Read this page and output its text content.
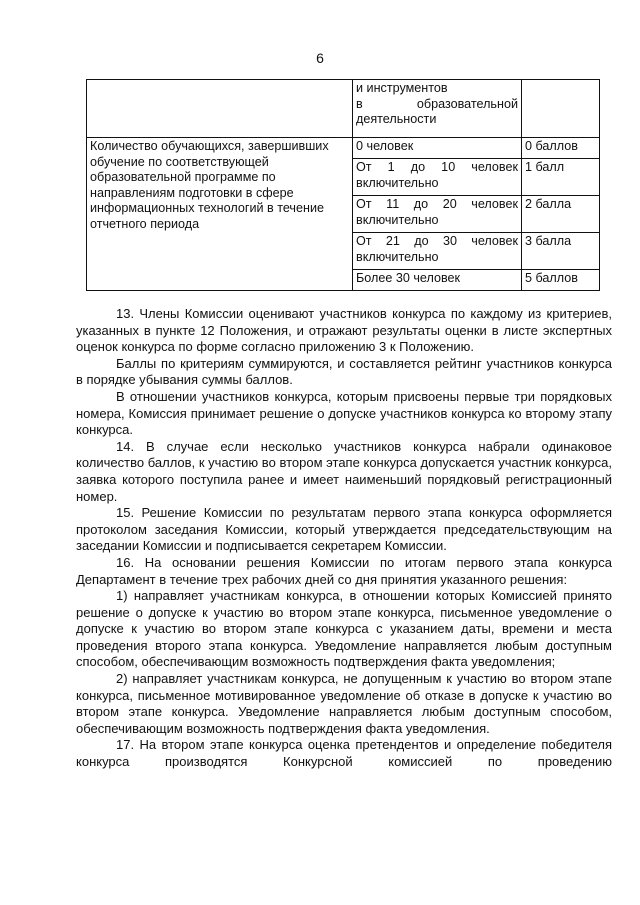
6

	и инструментов
в образовательной
деятельности	

Количество обучающихся, завершивших обучение по соответствующей образовательной программе по направлениям подготовки в сфере информационных технологий в течение отчетного периода	0 человек	0 баллов

	От 1 до 10 человек
включительно	1 балл

	От 11 до 20 человек
включительно	2 балла

	От 21 до 30 человек
включительно	3 балла
	Более 30 человек	5 баллов

13. Члены Комиссии оценивают участников конкурса по каждому из критериев, указанных в пункте 12 Положения, и отражают результаты оценки в листе экспертных оценок конкурса по форме согласно приложению 3 к Положению.

Баллы по критериям суммируются, и составляется рейтинг участников конкурса в порядке убывания суммы баллов.

В отношении участников конкурса, которым присвоены первые три порядковых номера, Комиссия принимает решение о допуске участников конкурса ко второму этапу конкурса.

14. В случае если несколько участников конкурса набрали одинаковое количество баллов, к участию во втором этапе конкурса допускается участник конкурса, заявка которого поступила ранее и имеет наименьший порядковый регистрационный номер.

15. Решение Комиссии по результатам первого этапа конкурса оформляется протоколом заседания Комиссии, который утверждается председательствующим на заседании Комиссии и подписывается секретарем Комиссии.

16. На основании решения Комиссии по итогам первого этапа конкурса Департамент в течение трех рабочих дней со дня принятия указанного решения:

1) направляет участникам конкурса, в отношении которых Комиссией принято решение о допуске к участию во втором этапе конкурса, письменное уведомление о допуске к участию во втором этапе конкурса с указанием даты, времени и места проведения второго этапа конкурса. Уведомление направляется любым доступным способом, обеспечивающим возможность подтверждения факта уведомления;

2) направляет участникам конкурса, не допущенным к участию во втором этапе конкурса, письменное мотивированное уведомление об отказе в допуске к участию во втором этапе конкурса. Уведомление направляется любым доступным способом, обеспечивающим возможность подтверждения факта уведомления.

17. На втором этапе конкурса оценка претендентов и определение победителя конкурса производятся Конкурсной комиссией по проведению
